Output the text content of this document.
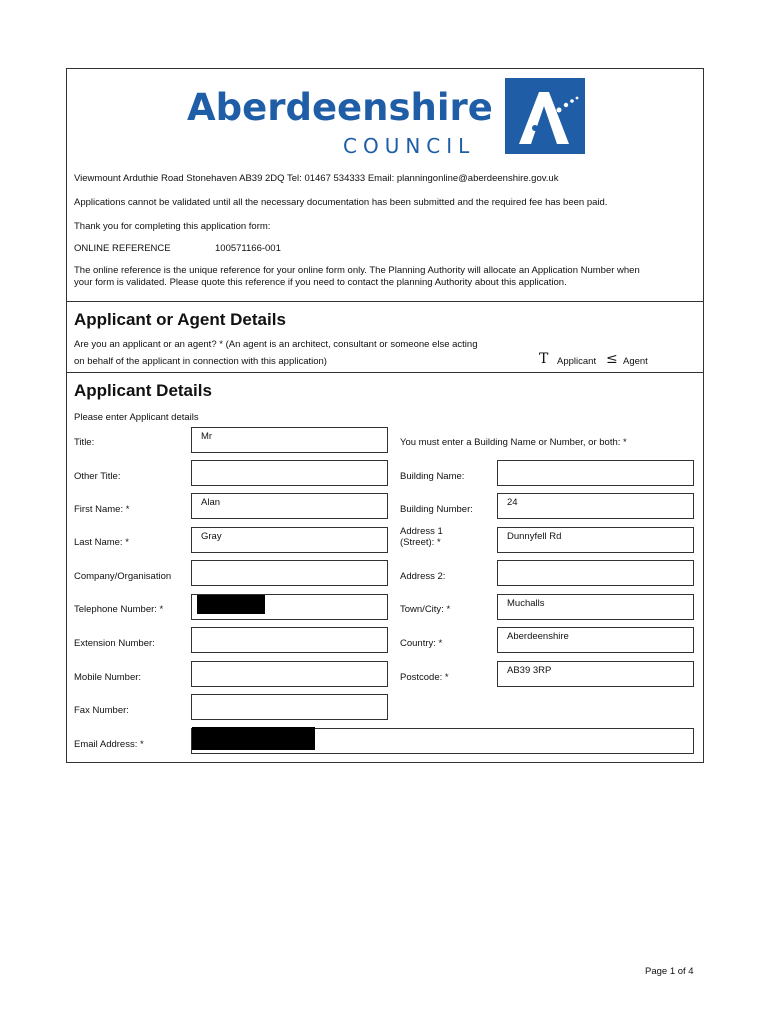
Aberdeenshire
COUNCIL
Viewmount Arduthie Road Stonehaven AB39 2DQ Tel: 01467 534333 Email: planningonline@aberdeenshire.gov.uk
Applications cannot be validated until all the necessary documentation has been submitted and the required fee has been paid.
Thank you for completing this application form:
ONLINE REFERENCE	100571166-001
The online reference is the unique reference for your online form only. The Planning Authority will allocate an Application Number when
your form is validated. Please quote this reference if you need to contact the planning Authority about this application.
Applicant or Agent Details
Are you an applicant or an agent? * (An agent is an architect, consultant or someone else acting
on behalf of the applicant in connection with this application)	T Applicant ≤ Agent
Applicant Details
Please enter Applicant details
You must enter a Building Name or Number, or both: *
Title:
Mr
Other Title:
First Name: *
Alan
Last Name: *
Gray
Company/Organisation
Telephone Number: *
Extension Number:
Mobile Number:
Fax Number:
Email Address: *
Building Name:
Building Number:
24
Address 1
(Street): *
Dunnyfell Rd
Address 2:
Town/City: *
Muchalls
Country: *
Aberdeenshire
Postcode: *
AB39 3RP
Page 1 of 4
